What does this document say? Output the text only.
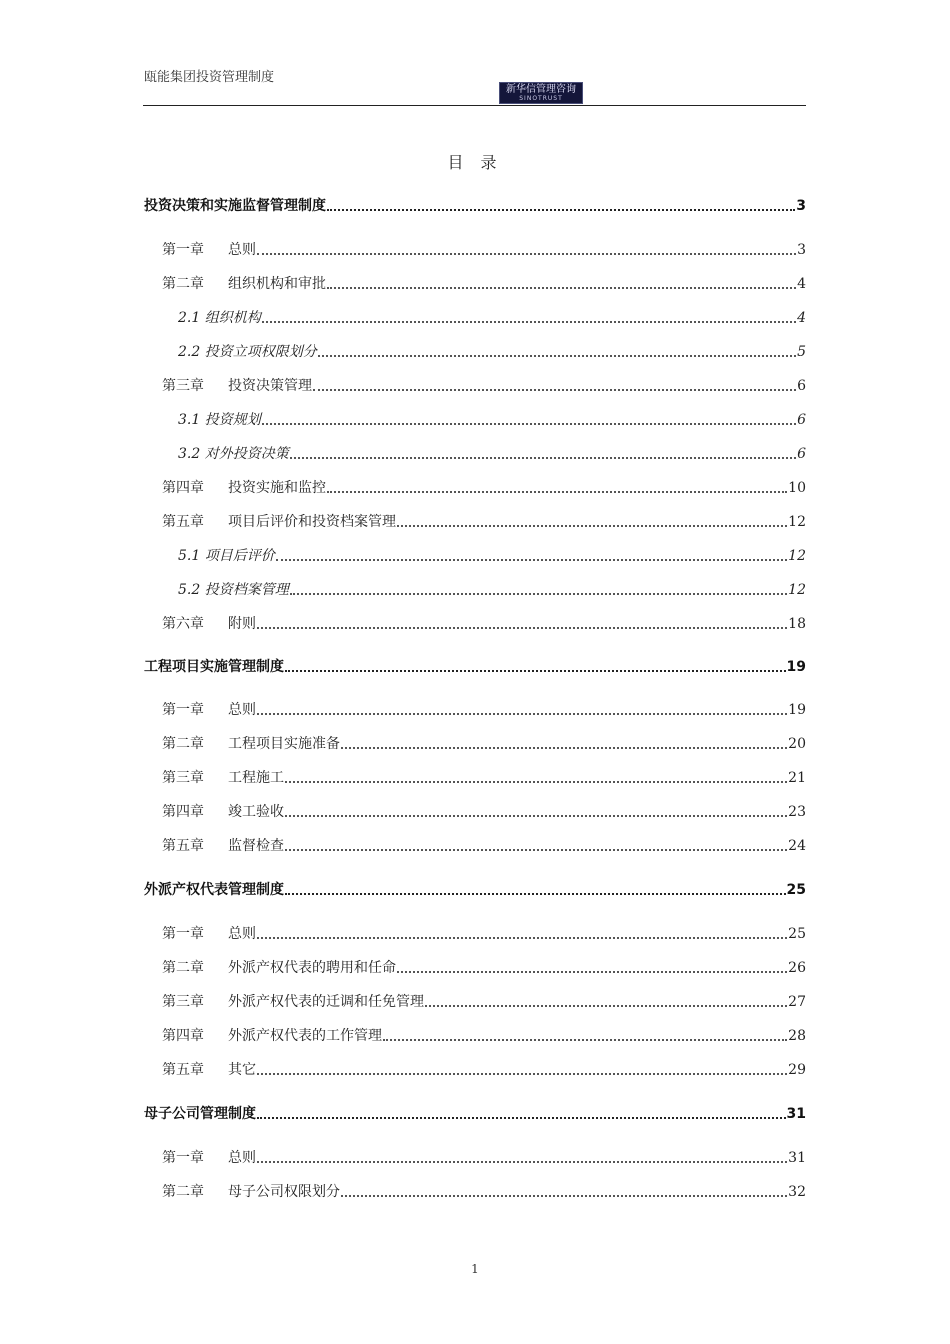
瓯能集团投资管理制度
新华信管理咨询
SINOTRUST
目 录
投资决策和实施监督管理制度	3
第一章 总则	3
第二章 组织机构和审批	4
2.1 组织机构	4
2.2 投资立项权限划分	5
第三章 投资决策管理	6
3.1 投资规划	6
3.2 对外投资决策	6
第四章 投资实施和监控	10
第五章 项目后评价和投资档案管理	12
5.1 项目后评价	12
5.2 投资档案管理	12
第六章 附则	18
工程项目实施管理制度	19
第一章 总则	19
第二章 工程项目实施准备	20
第三章 工程施工	21
第四章 竣工验收	23
第五章 监督检查	24
外派产权代表管理制度	25
第一章 总则	25
第二章 外派产权代表的聘用和任命	26
第三章 外派产权代表的迁调和任免管理	27
第四章 外派产权代表的工作管理	28
第五章 其它	29
母子公司管理制度	31
第一章 总则	31
第二章 母子公司权限划分	32
1
